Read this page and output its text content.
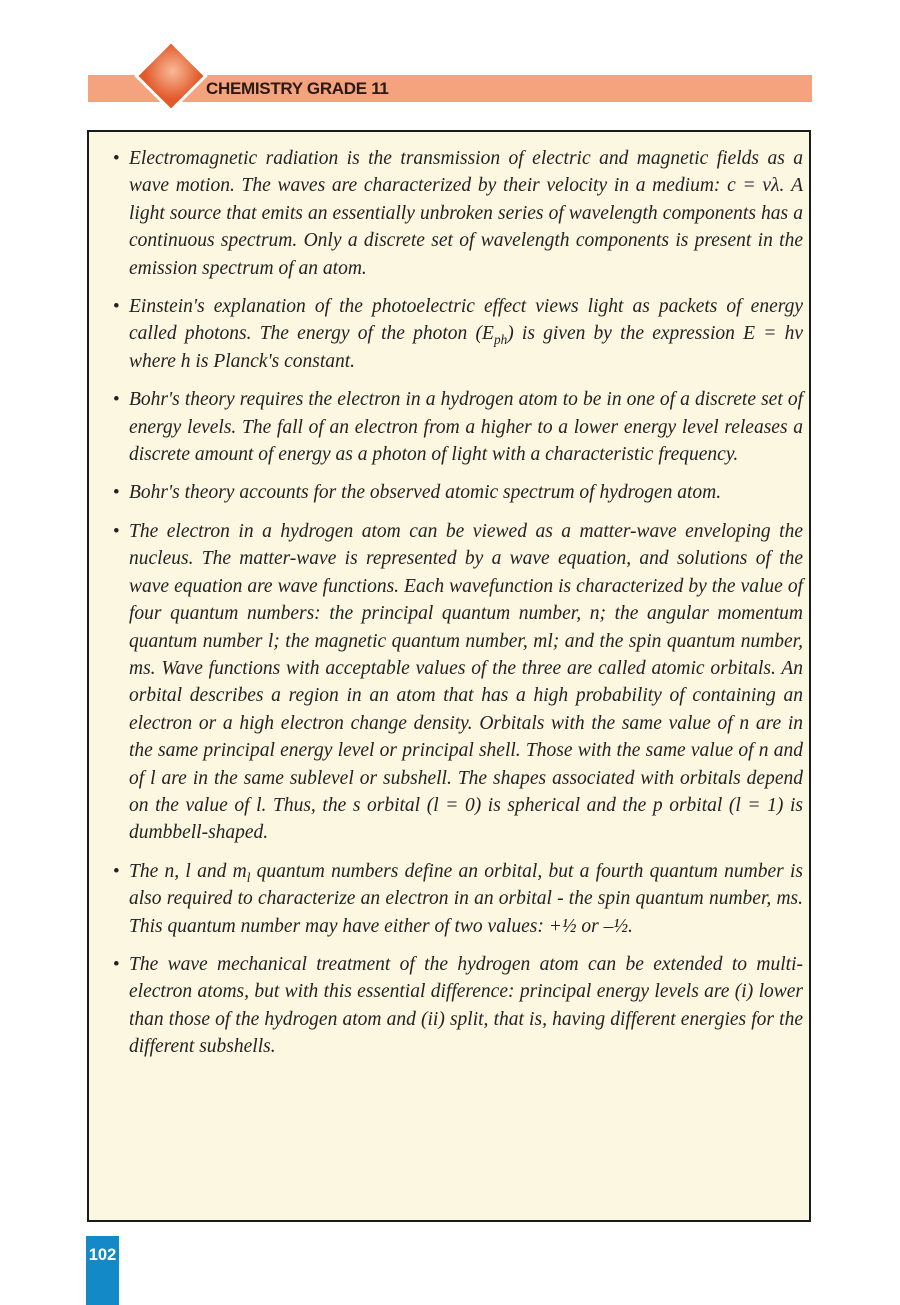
CHEMISTRY GRADE 11
• Electromagnetic radiation is the transmission of electric and magnetic fields as a wave motion. The waves are characterized by their velocity in a medium: c = νλ. A light source that emits an essentially unbroken series of wavelength components has a continuous spectrum. Only a discrete set of wavelength components is present in the emission spectrum of an atom.
• Einstein's explanation of the photoelectric effect views light as packets of energy called photons. The energy of the photon $(E_{ph})$ is given by the expression E = hν where h is Planck's constant.
• Bohr's theory requires the electron in a hydrogen atom to be in one of a discrete set of energy levels. The fall of an electron from a higher to a lower energy level releases a discrete amount of energy as a photon of light with a characteristic frequency.
• Bohr's theory accounts for the observed atomic spectrum of hydrogen atom.
• The electron in a hydrogen atom can be viewed as a matter-wave enveloping the nucleus. The matter-wave is represented by a wave equation, and solutions of the wave equation are wave functions. Each wavefunction is characterized by the value of four quantum numbers: the principal quantum number, n; the angular momentum quantum number l; the magnetic quantum number, ml; and the spin quantum number, ms. Wave functions with acceptable values of the three are called atomic orbitals. An orbital describes a region in an atom that has a high probability of containing an electron or a high electron change density. Orbitals with the same value of n are in the same principal energy level or principal shell. Those with the same value of n and of l are in the same sublevel or subshell. The shapes associated with orbitals depend on the value of l. Thus, the s orbital (l = 0) is spherical and the p orbital (l = 1) is dumbbell-shaped.
• The n, l and $m_l$ quantum numbers define an orbital, but a fourth quantum number is also required to characterize an electron in an orbital - the spin quantum number, ms. This quantum number may have either of two values: +½ or –½.
• The wave mechanical treatment of the hydrogen atom can be extended to multi-electron atoms, but with this essential difference: principal energy levels are (i) lower than those of the hydrogen atom and (ii) split, that is, having different energies for the different subshells.
102
